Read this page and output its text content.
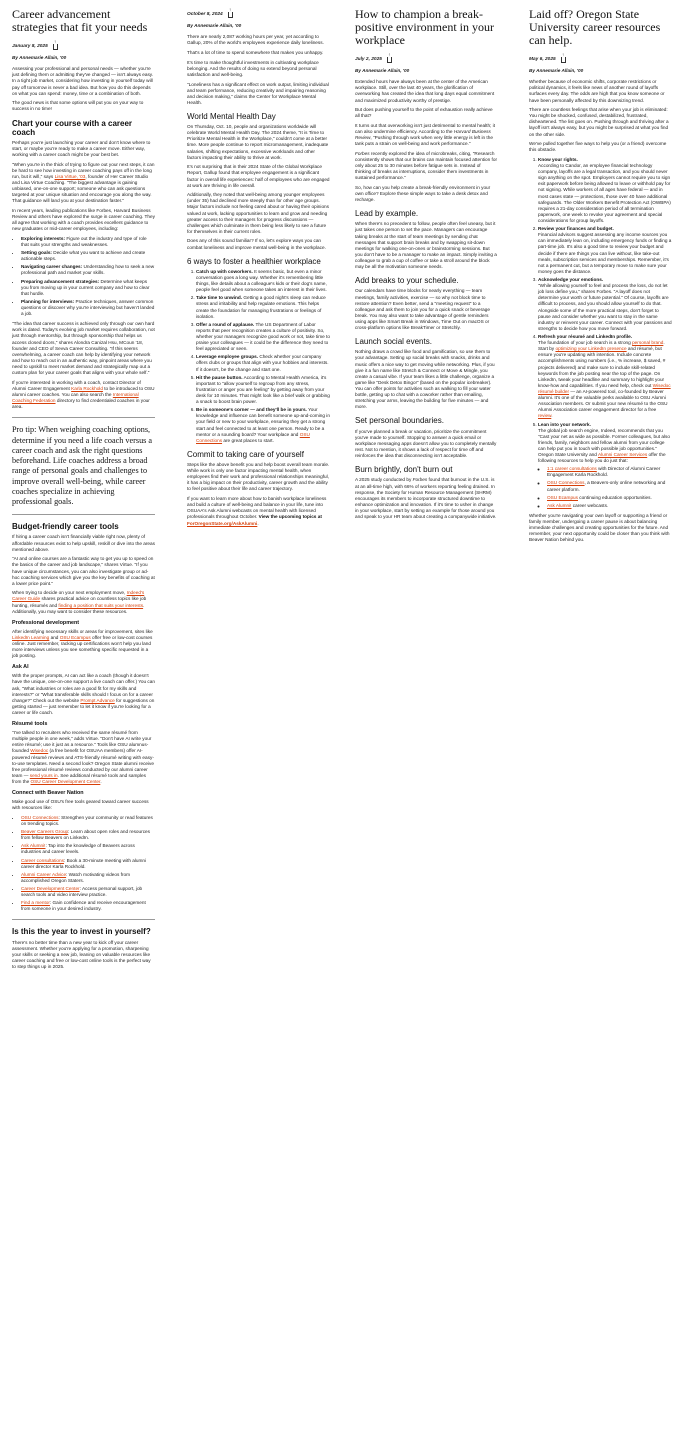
Career advancement strategies that fit your needs
January 8, 2025
↑

By Annemarie Allain, '00

Assessing your professional and personal needs — whether you're just defining them or admitting they've changed — isn't always easy. In a tight job market, considering how investing in yourself today will pay off tomorrow is never a bad idea. But how you do this depends on what you can spend: money, time or a combination of both.

The good news is that some options will put you on your way to success in no time!

Chart your course with a career coach

Perhaps you're just launching your career and don't know where to start, or maybe you're ready to make a career move. Either way, working with a career coach might be your best bet.

"When you're in the thick of trying to figure out your next steps, it can be hard to see how investing in career coaching pays off in the long run, but it will," says Lisa Virtue, '03, founder of Her Career Studio and Lisa Virtue Coaching. "The biggest advantage is gaining unbiased, one-on-one support; someone who can ask questions targeted at your unique situation and encourage you along the way. That guidance will land you at your destination faster."

In recent years, leading publications like Forbes, Harvard Business Review and others have explored the surge in career coaching. They all agree that working with a coach provides excellent guidance to new graduates or mid-career employees, including:

• Exploring interests: Figure out the industry and type of role that suits your strengths and weaknesses.
• Setting goals: Decide what you want to achieve and create actionable steps.
• Navigating career changes: Understanding how to seek a new professional path and market your skills.
• Preparing advancement strategies: Determine what keeps you from moving up in your current company and how to clear that hurdle.
• Planning for interviews: Practice techniques, answer common questions or discover why you're interviewing but haven't landed a job.

"The idea that career success is achieved only through our own hard work is dated. Today's evolving job market requires collaboration, not just through mentorship, but through sponsorship that helps us access closed doors," shares Alondra Canizal Hsu, MCoun '18, founder and CEO of Sevva Career Consulting. "If this seems overwhelming, a career coach can help by identifying your network and how to reach out in an authentic way, pinpoint areas where you need to upskill to meet market demand and strategically map out a custom plan for your career goals that aligns with your whole self."

If you're interested in working with a coach, contact Director of Alumni Career Engagement Karla Rockhold to be introduced to OSU alumni career coaches. You can also search the International Coaching Federation directory to find credentialed coaches in your area.

Pro tip: When weighing coaching options, determine if you need a life coach versus a career coach and ask the right questions beforehand. Life coaches address a broad range of personal goals and challenges to improve overall well-being, while career coaches specialize in achieving professional goals.

Budget-friendly career tools

If hiring a career coach isn't financially viable right now, plenty of affordable resources exist to help upskill, reskill or dive into the areas mentioned above.

"AI and online courses are a fantastic way to get you up to speed on the basics of the career and job landscape," shares Virtue. "If you have unique circumstances, you can also investigate group or ad-hoc coaching services which give you the key benefits of coaching at a lower price point."

When trying to decide on your next employment move, Indeed's Career Guide shares practical advice on countless topics like job hunting, résumés and finding a position that suits your interests. Additionally, you may want to consider these resources.

Professional development

After identifying necessary skills or areas for improvement, sites like LinkedIn Learning and OSU Ecampus offer free or low-cost courses online. Just remember, racking up certifications won't help you land more interviews unless you see something specific requested in a job posting.

Ask AI

With the proper prompts, AI can act like a coach (though it doesn't have the unique, one-on-one support a live coach can offer.) You can ask, "What industries or roles are a good fit for my skills and interests?" or "What transferable skills should I focus on for a career change?" Check out the website Prompt Advance for suggestions on getting started — just remember to let it know if you're looking for a career or life coach.

Résumé tools

"I've talked to recruiters who received the same résumé from multiple people in one week," adds Virtue. "Don't have AI write your entire résumé; use it just as a resource." Tools like OSU alumnus-founded Wisedoc (a free benefit for OSUAA members) offer AI-powered résumé reviews and ATS-friendly résumé writing with easy-to-use templates. Need a second look? Oregon State alumni receive free professional résumé reviews conducted by our alumni career team — send yours in. See additional résumé tools and samples from the OSU Career Development Center.

Connect with Beaver Nation

Make good use of OSU's free tools geared toward career success with resources like:

• OSU Connections: Strengthen your community or read features on trending topics.
• Beaver Careers Group: Learn about open roles and resources from fellow Beavers on LinkedIn.
• Ask Alumni!: Tap into the knowledge of Beavers across industries and career levels.
• Career consultations: Book a 30-minute meeting with alumni career director Karla Rockhold.
• Alumni Career Advice: Watch motivating videos from accomplished Oregon Staters.
• Career Development Center: Access personal support, job search tools and video interview practice.
• Find a mentor: Gain confidence and receive encouragement from someone in your desired industry.
Is this the year to invest in yourself?

There's no better time than a new year to kick off your career assessment. Whether you're applying for a promotion, sharpening your skills or seeking a new job, leaning on valuable resources like career coaching and free or low-cost online tools is the perfect way to step things up in 2025.

October 8, 2024
↑

By Annemarie Allain, '00

There are nearly 2,087 working hours per year, yet according to Gallup, 20% of the world's employees experience daily loneliness.

That's a lot of time to spend somewhere that makes you unhappy.

It's time to make thoughtful investments in cultivating workplace belonging. And the results of doing so extend beyond personal satisfaction and well-being.

"Loneliness has a significant effect on work output, limiting individual and team performance, reducing creativity and impairing reasoning and decision making," claims the Center for Workplace Mental Health.

World Mental Health Day

On Thursday, Oct. 10, people and organizations worldwide will celebrate World Mental Health Day. The 2024 theme, "It is Time to Prioritize Mental Health in the Workplace," couldn't come at a better time. More people continue to report micromanagement, inadequate salaries, shifting expectations, excessive workloads and other factors impacting their ability to thrive at work.

It's not surprising that in their 2024 State of the Global Workplace Report, Gallup found that employee engagement is a significant factor in overall life experiences: half of employees who are engaged at work are thriving in life overall.

Additionally, they noted that well-being among younger employees (under 35) had declined more steeply than for other age groups. Major factors include not feeling cared about or having their opinions valued at work, lacking opportunities to learn and grow and needing greater access to their managers for progress discussions — challenges which culminate in them being less likely to see a future for themselves in their current roles.

Does any of this sound familiar? If so, let's explore ways you can combat loneliness and improve mental well-being in the workplace.

6 ways to foster a healthier workplace
1. Catch up with coworkers. It seems basic, but even a minor conversation goes a long way. Whether it's remembering little things, like details about a colleague's kids or their dog's name, people feel good when someone takes an interest in their lives.
2. Take time to unwind. Getting a good night's sleep can reduce stress and irritability and help regulate emotions. This helps create the foundation for managing frustrations or feelings of isolation.
3. Offer a round of applause. The US Department of Labor reports that peer recognition creates a culture of positivity. So, whether your managers recognize good work or not, take time to praise your colleagues — it could be the difference they need to feel appreciated or seen.
4. Leverage employee groups. Check whether your company offers clubs or groups that align with your hobbies and interests. If it doesn't, be the change and start one.
5. Hit the pause button. According to Mental Health America, it's important to "allow yourself to regroup from any stress, frustration or anger you are feeling" by getting away from your desk for 10 minutes. That might look like a brief walk or grabbing a snack to boost brain power.
6. Be in someone's corner — and they'll be in yours. Your knowledge and influence can benefit someone up-and-coming in your field or new to your workplace, ensuring they get a strong start and feel connected to at least one person. Ready to be a mentor or a sounding board? Your workplace and OSU Connections are great places to start.
Commit to taking care of yourself

Steps like the above benefit you and help boost overall team morale. While work is only one factor impacting mental health, when employees find their work and professional relationships meaningful, it has a big impact on their productivity, career growth and the ability to feel positive about their life and career trajectory.

If you want to learn more about how to banish workplace loneliness and build a culture of well-being and balance in your life, tune into OSUAA's Ask Alumni webcasts on mental health with licensed professionals throughout October. View the upcoming topics at
ForOregonState.org/AskAlumni.

How to champion a break-positive environment in your workplace
July 2, 2025
↑

By Annemarie Allain, '00

Extended hours have always been at the center of the American workplace. Still, over the last 40 years, the glorification of overworking has created the idea that long days equal commitment and maximized productivity worthy of prestige.

But does pushing yourself to the point of exhaustion really achieve all that?

It turns out that overworking isn't just detrimental to mental health; it can also undermine efficiency. According to the Harvard Business Review, "Pushing through work when very little energy is left in the tank puts a strain on well-being and work performance."

Forbes recently explored the idea of microbreaks, citing, "Research consistently shows that our brains can maintain focused attention for only about 25 to 30 minutes before fatigue sets in. Instead of thinking of breaks as interruptions, consider them investments in sustained performance."

So, how can you help create a break-friendly environment in your own office? Explore these simple ways to take a desk detox and recharge.

Lead by example.

When there's no precedent to follow, people often feel uneasy, but it just takes one person to set the pace. Managers can encourage taking breaks at the start of team meetings by sending chat messages that support brain breaks and by swapping sit-down meetings for walking one-on-ones or brainstorming sessions. But you don't have to be a manager to make an impact. Simply inviting a colleague to grab a cup of coffee or take a stroll around the block may be all the motivation someone needs.

Add breaks to your schedule.

Our calendars have time blocks for nearly everything — team meetings, family activities, exercise — so why not block time to restore attention? Even better, send a "meeting request" to a colleague and ask them to join you for a quick snack or beverage break. You may also want to take advantage of gentle reminders using apps like Smart Break in Windows, Time Out on macOS or cross-platform options like BreakTimer or Stretchly.

Launch social events.

Nothing draws a crowd like food and gamification, so use them to your advantage. Setting up social breaks with snacks, drinks and music offers a nice way to get moving while networking. Plus, if you give it a fun name like Stretch & Connect or Move & Mingle, you create a casual vibe. If your team likes a little challenge, organize a game like "Desk Detox Bingo!" (based on the popular icebreaker). You can offer points for activities such as walking to fill your water bottle, getting up to chat with a coworker rather than emailing, stretching your arms, leaving the building for five minutes — and more.

Set personal boundaries.

If you've planned a break or vacation, prioritize the commitment you've made to yourself. Stopping to answer a quick email or workplace messaging apps doesn't allow you to completely mentally rest. Not to mention, it shows a lack of respect for time off and reinforces the idea that disconnecting isn't acceptable.

Burn brightly, don't burn out

A 2025 study conducted by Forbes found that burnout in the U.S. is at an all-time high, with 66% of workers reporting feeling drained. In response, the Society for Human Resource Management (SHRM) encourages its members to incorporate structured downtime to enhance optimization and innovation. If it's time to usher in change in your workplace, start by setting an example for those around you and speak to your HR team about creating a companywide initiative.

Laid off? Oregon State University career resources can help.
May 6, 2025
↑

By Annemarie Allain, '00

Whether because of economic shifts, corporate restrictions or political dynamics, it feels like news of another round of layoffs surfaces every day. The odds are high that you know someone or have been personally affected by this downsizing trend.

There are countless feelings that arise when your job is eliminated: You might be shocked, confused, destabilized, frustrated, disheartened. The list goes on. Pushing through and thriving after a layoff isn't always easy, but you might be surprised at what you find on the other side.

We've pulled together five ways to help you (or a friend) overcome this obstacle.

1. Know your rights.
According to Candor, an employee financial technology company, layoffs are a legal transaction, and you should never sign anything on the spot. Employers cannot require you to sign exit paperwork before being allowed to leave or withhold pay for not signing. While workers of all ages have federal — and in most cases state — protections, those over 40 have additional safeguards. The Older Workers Benefit Protection Act (OWBPA) requires a 21-day consideration period of all termination paperwork, one week to revoke your agreement and special considerations for group layoffs.
2. Review your finances and budget.
Financial advisors suggest assessing any income sources you can immediately lean on, including emergency funds or finding a part-time job. It's also a good time to review your budget and decide if there are things you can live without, like take-out meals, subscription services and memberships. Remember, it's not a permanent cut, but a temporary move to make sure your money goes the distance.
3. Acknowledge your emotions.
"While allowing yourself to feel and process the loss, do not let job loss define you," shares Forbes. "A layoff does not determine your worth or future potential." Of course, layoffs are difficult to process, and you should allow yourself to do that. Alongside some of the more practical steps, don't forget to pause and consider whether you want to stay in the same industry or reinvent your career. Connect with your passions and strengths to decide how you move forward.
4. Refresh your résumé and LinkedIn profile.
The foundation of your job search is a strong personal brand. Start by optimizing your LinkedIn presence and résumé, but ensure you're updating with intention. Include concrete accomplishments using numbers (i.e., % increase, $ saved, # projects delivered) and make sure to include skill-related keywords from the job posting near the top of the page. On LinkedIn, tweak your headline and summary to highlight your know-how and capabilities. If you need help, check out Wisedoc résumé builder — an AI-powered tool, co-founded by Beaver alumni. It's one of the valuable perks available to OSU Alumni Association members. Or submit your new résumé to the OSU Alumni Association career engagement director for a free review.
5. Lean into your network.
The global job search engine, Indeed, recommends that you "Cast your net as wide as possible. Former colleagues, but also friends, family, neighbors and fellow alumni from your college can help put you in touch with possible job opportunities." Oregon State University and Alumni Career Services offer the following resources to help you do just that:
◦ 1:1 career consultations with Director of Alumni Career Engagement Karla Rockhold.
◦ OSU Connections, a Beavers-only online networking and career platform.
◦ OSU Ecampus continuing education opportunities.
◦ Ask Alumni! career webcasts.

Whether you're navigating your own layoff or supporting a friend or family member, undergoing a career pause is about balancing immediate challenges and creating opportunities for the future. And remember, your next opportunity could be closer than you think with Beaver Nation behind you.
